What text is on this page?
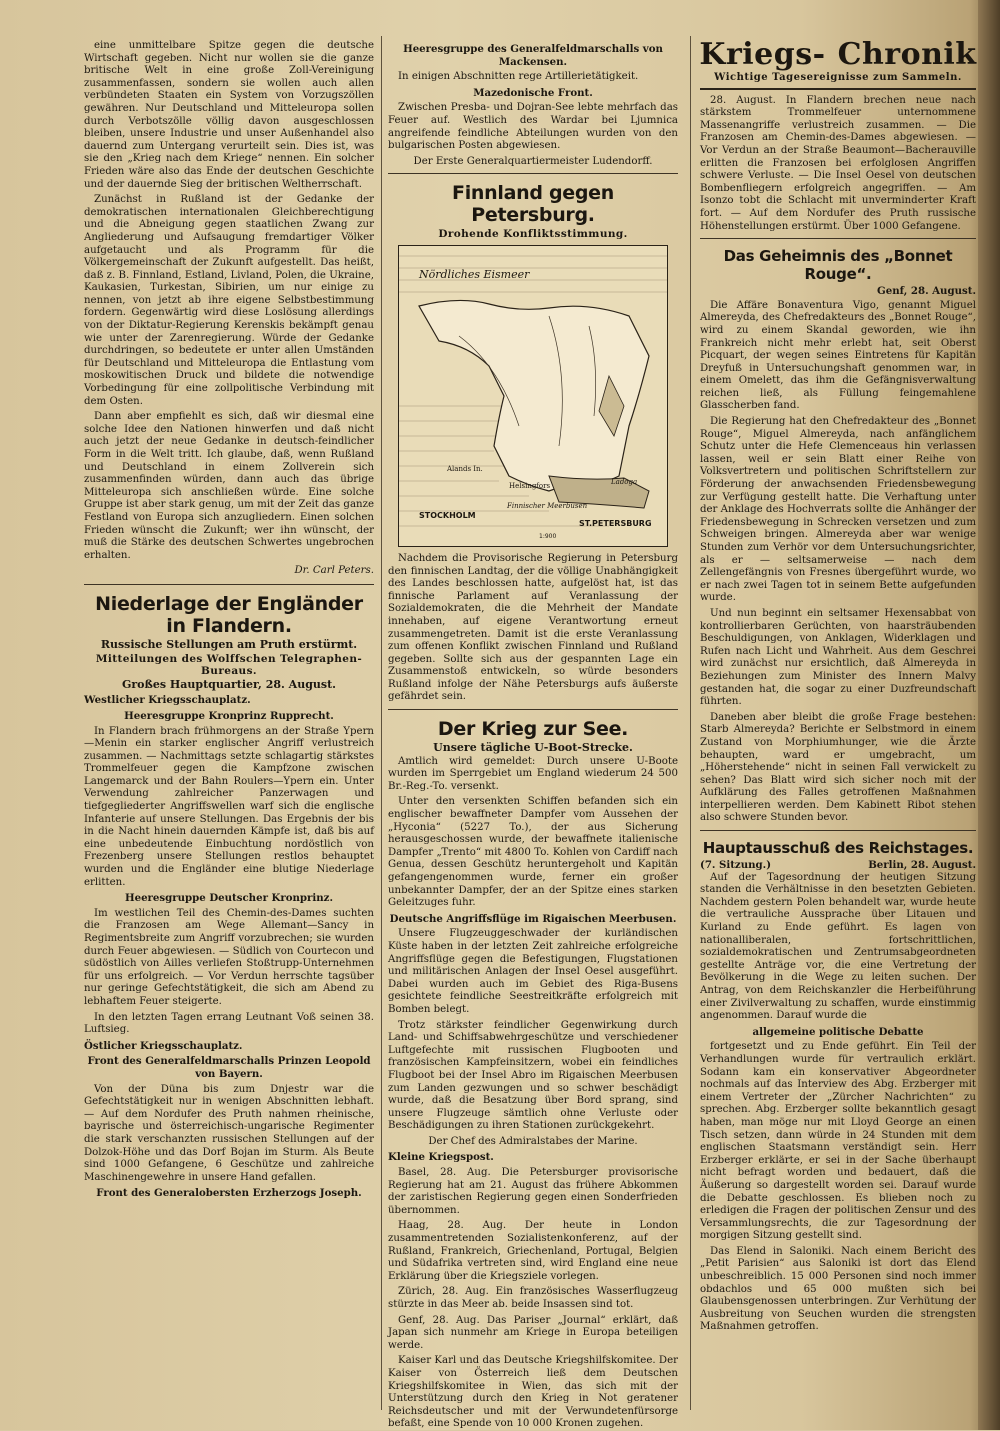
eine unmittelbare Spitze gegen die deutsche Wirtschaft gegeben. Nicht nur wollen sie die ganze britische Welt in eine große Zoll-Vereinigung zusammenfassen, sondern sie wollen auch allen verbündeten Staaten ein System von Vorzugszöllen gewähren. Nur Deutschland und Mitteleuropa sollen durch Verbotszölle völlig davon ausgeschlossen bleiben, unsere Industrie und unser Außenhandel also dauernd zum Untergang verurteilt sein. Dies ist, was sie den „Krieg nach dem Kriege“ nennen. Ein solcher Frieden wäre also das Ende der deutschen Geschichte und der dauernde Sieg der britischen Weltherrschaft.

Zunächst in Rußland ist der Gedanke der demokratischen internationalen Gleichberechtigung und die Abneigung gegen staatlichen Zwang zur Angliederung und Aufsaugung fremdartiger Völker aufgetaucht und als Programm für die Völkergemeinschaft der Zukunft aufgestellt. Das heißt, daß z. B. Finnland, Estland, Livland, Polen, die Ukraine, Kaukasien, Turkestan, Sibirien, um nur einige zu nennen, von jetzt ab ihre eigene Selbstbestimmung fordern. Gegenwärtig wird diese Loslösung allerdings von der Diktatur-Regierung Kerenskis bekämpft genau wie unter der Zarenregierung. Würde der Gedanke durchdringen, so bedeutete er unter allen Umständen für Deutschland und Mitteleuropa die Entlastung vom moskowitischen Druck und bildete die notwendige Vorbedingung für eine zollpolitische Verbindung mit dem Osten.

Dann aber empfiehlt es sich, daß wir diesmal eine solche Idee den Nationen hinwerfen und daß nicht auch jetzt der neue Gedanke in deutsch-feindlicher Form in die Welt tritt. Ich glaube, daß, wenn Rußland und Deutschland in einem Zollverein sich zusammenfinden würden, dann auch das übrige Mitteleuropa sich anschließen würde. Eine solche Gruppe ist aber stark genug, um mit der Zeit das ganze Festland von Europa sich anzugliedern. Einen solchen Frieden wünscht die Zukunft; wer ihn wünscht, der muß die Stärke des deutschen Schwertes ungebrochen erhalten.

Dr. Carl Peters.
Niederlage der Engländer in Flandern.
Russische Stellungen am Pruth erstürmt.
Mitteilungen des Wolffschen Telegraphen-Bureaus.
Großes Hauptquartier, 28. August.
Westlicher Kriegsschauplatz.
Heeresgruppe Kronprinz Rupprecht.

In Flandern brach frühmorgens an der Straße Ypern—Menin ein starker englischer Angriff verlustreich zusammen. — Nachmittags setzte schlagartig stärkstes Trommelfeuer gegen die Kampfzone zwischen Langemarck und der Bahn Roulers—Ypern ein. Unter Verwendung zahlreicher Panzerwagen und tiefgegliederter Angriffswellen warf sich die englische Infanterie auf unsere Stellungen. Das Ergebnis der bis in die Nacht hinein dauernden Kämpfe ist, daß bis auf eine unbedeutende Einbuchtung nordöstlich von Frezenberg unsere Stellungen restlos behauptet wurden und die Engländer eine blutige Niederlage erlitten.

Heeresgruppe Deutscher Kronprinz.

Im westlichen Teil des Chemin-des-Dames suchten die Franzosen am Wege Allemant—Sancy in Regimentsbreite zum Angriff vorzubrechen; sie wurden durch Feuer abgewiesen. — Südlich von Courtecon und südöstlich von Ailles verliefen Stoßtrupp-Unternehmen für uns erfolgreich. — Vor Verdun herrschte tagsüber nur geringe Gefechtstätigkeit, die sich am Abend zu lebhaftem Feuer steigerte.

In den letzten Tagen errang Leutnant Voß seinen 38. Luftsieg.

Östlicher Kriegsschauplatz.
Front des Generalfeldmarschalls Prinzen Leopold von Bayern.

Von der Düna bis zum Dnjestr war die Gefechtstätigkeit nur in wenigen Abschnitten lebhaft. — Auf dem Nordufer des Pruth nahmen rheinische, bayrische und österreichisch-ungarische Regimenter die stark verschanzten russischen Stellungen auf der Dolzok-Höhe und das Dorf Bojan im Sturm. Als Beute sind 1000 Gefangene, 6 Geschütze und zahlreiche Maschinengewehre in unsere Hand gefallen.

Front des Generalobersten Erzherzogs Joseph.
Heeresgruppe des Generalfeldmarschalls von Mackensen.

In einigen Abschnitten rege Artillerietätigkeit.

Mazedonische Front.

Zwischen Presba- und Dojran-See lebte mehrfach das Feuer auf. Westlich des Wardar bei Ljumnica angreifende feindliche Abteilungen wurden von den bulgarischen Posten abgewiesen.

Der Erste Generalquartiermeister Ludendorff.
Finnland gegen Petersburg.
Drohende Konfliktsstimmung.
Nördliches Eismeer
STOCKHOLM
ST.PETERSBURG
Ladoga
Alands In.
Helsingfors
Finnischer Meerbusen
1:900

Nachdem die Provisorische Regierung in Petersburg den finnischen Landtag, der die völlige Unabhängigkeit des Landes beschlossen hatte, aufgelöst hat, ist das finnische Parlament auf Veranlassung der Sozialdemokraten, die die Mehrheit der Mandate innehaben, auf eigene Verantwortung erneut zusammengetreten. Damit ist die erste Veranlassung zum offenen Konflikt zwischen Finnland und Rußland gegeben. Sollte sich aus der gespannten Lage ein Zusammenstoß entwickeln, so würde besonders Rußland infolge der Nähe Petersburgs aufs äußerste gefährdet sein.

Der Krieg zur See.
Unsere tägliche U-Boot-Strecke.

Amtlich wird gemeldet: Durch unsere U-Boote wurden im Sperrgebiet um England wiederum 24 500 Br.-Reg.-To. versenkt.

Unter den versenkten Schiffen befanden sich ein englischer bewaffneter Dampfer vom Aussehen der „Hyconia“ (5227 To.), der aus Sicherung herausgeschossen wurde, der bewaffnete italienische Dampfer „Trento“ mit 4800 To. Kohlen von Cardiff nach Genua, dessen Geschütz heruntergeholt und Kapitän gefangengenommen wurde, ferner ein großer unbekannter Dampfer, der an der Spitze eines starken Geleitzuges fuhr.

Deutsche Angriffsflüge im Rigaischen Meerbusen.

Unsere Flugzeuggeschwader der kurländischen Küste haben in der letzten Zeit zahlreiche erfolgreiche Angriffsflüge gegen die Befestigungen, Flugstationen und militärischen Anlagen der Insel Oesel ausgeführt. Dabei wurden auch im Gebiet des Riga-Busens gesichtete feindliche Seestreitkräfte erfolgreich mit Bomben belegt.

Trotz stärkster feindlicher Gegenwirkung durch Land- und Schiffsabwehrgeschütze und verschiedener Luftgefechte mit russischen Flugbooten und französischen Kampfeinsitzern, wobei ein feindliches Flugboot bei der Insel Abro im Rigaischen Meerbusen zum Landen gezwungen und so schwer beschädigt wurde, daß die Besatzung über Bord sprang, sind unsere Flugzeuge sämtlich ohne Verluste oder Beschädigungen zu ihren Stationen zurückgekehrt.

Der Chef des Admiralstabes der Marine.
Kleine Kriegspost.

Basel, 28. Aug. Die Petersburger provisorische Regierung hat am 21. August das frühere Abkommen der zaristischen Regierung gegen einen Sonderfrieden übernommen.

Haag, 28. Aug. Der heute in London zusammentretenden Sozialistenkonferenz, auf der Rußland, Frankreich, Griechenland, Portugal, Belgien und Südafrika vertreten sind, wird England eine neue Erklärung über die Kriegsziele vorlegen.

Zürich, 28. Aug. Ein französisches Wasserflugzeug stürzte in das Meer ab. beide Insassen sind tot.

Genf, 28. Aug. Das Pariser „Journal“ erklärt, daß Japan sich nunmehr am Kriege in Europa beteiligen werde.

Kaiser Karl und das Deutsche Kriegshilfskomitee. Der Kaiser von Österreich ließ dem Deutschen Kriegshilfskomitee in Wien, das sich mit der Unterstützung durch den Krieg in Not geratener Reichsdeutscher und mit der Verwundetenfürsorge befaßt, eine Spende von 10 000 Kronen zugehen.

Kriegs- Chronik
Wichtige Tagesereignisse zum Sammeln.

28. August. In Flandern brechen neue nach stärkstem Trommelfeuer unternommene Massenangriffe verlustreich zusammen. — Die Franzosen am Chemin-des-Dames abgewiesen. — Vor Verdun an der Straße Beaumont—Bacherauville erlitten die Franzosen bei erfolglosen Angriffen schwere Verluste. — Die Insel Oesel von deutschen Bombenfliegern erfolgreich angegriffen. — Am Isonzo tobt die Schlacht mit unverminderter Kraft fort. — Auf dem Nordufer des Pruth russische Höhenstellungen erstürmt. Über 1000 Gefangene.

Das Geheimnis des „Bonnet Rouge“.
Genf, 28. August.

Die Affäre Bonaventura Vigo, genannt Miguel Almereyda, des Chefredakteurs des „Bonnet Rouge“, wird zu einem Skandal geworden, wie ihn Frankreich nicht mehr erlebt hat, seit Oberst Picquart, der wegen seines Eintretens für Kapitän Dreyfuß in Untersuchungshaft genommen war, in einem Omelett, das ihm die Gefängnisverwaltung reichen ließ, als Füllung feingemahlene Glasscherben fand.

Die Regierung hat den Chefredakteur des „Bonnet Rouge“, Miguel Almereyda, nach anfänglichem Schutz unter die Hefe Clemenceaus hin verlassen lassen, weil er sein Blatt einer Reihe von Volksvertretern und politischen Schriftstellern zur Förderung der anwachsenden Friedensbewegung zur Verfügung gestellt hatte. Die Verhaftung unter der Anklage des Hochverrats sollte die Anhänger der Friedensbewegung in Schrecken versetzen und zum Schweigen bringen. Almereyda aber war wenige Stunden zum Verhör vor dem Untersuchungsrichter, als er — seltsamerweise — nach dem Zellengefängnis von Fresnes übergeführt wurde, wo er nach zwei Tagen tot in seinem Bette aufgefunden wurde.

Und nun beginnt ein seltsamer Hexensabbat von kontrollierbaren Gerüchten, von haarsträubenden Beschuldigungen, von Anklagen, Widerklagen und Rufen nach Licht und Wahrheit. Aus dem Geschrei wird zunächst nur ersichtlich, daß Almereyda in Beziehungen zum Minister des Innern Malvy gestanden hat, die sogar zu einer Duzfreundschaft führten.

Daneben aber bleibt die große Frage bestehen: Starb Almereyda? Berichte er Selbstmord in einem Zustand von Morphiumhunger, wie die Ärzte behaupten, ward er umgebracht, um „Höherstehende“ nicht in seinen Fall verwickelt zu sehen? Das Blatt wird sich sicher noch mit der Aufklärung des Falles getroffenen Maßnahmen interpellieren werden. Dem Kabinett Ribot stehen also schwere Stunden bevor.

Hauptausschuß des Reichstages.
(7. Sitzung.)	Berlin, 28. August.

Auf der Tagesordnung der heutigen Sitzung standen die Verhältnisse in den besetzten Gebieten. Nachdem gestern Polen behandelt war, wurde heute die vertrauliche Aussprache über Litauen und Kurland zu Ende geführt. Es lagen von nationalliberalen, fortschrittlichen, sozialdemokratischen und Zentrumsabgeordneten gestellte Anträge vor, die eine Vertretung der Bevölkerung in die Wege zu leiten suchen. Der Antrag, von dem Reichskanzler die Herbeiführung einer Zivilverwaltung zu schaffen, wurde einstimmig angenommen. Darauf wurde die

allgemeine politische Debatte

fortgesetzt und zu Ende geführt. Ein Teil der Verhandlungen wurde für vertraulich erklärt. Sodann kam ein konservativer Abgeordneter nochmals auf das Interview des Abg. Erzberger mit einem Vertreter der „Zürcher Nachrichten“ zu sprechen. Abg. Erzberger sollte bekanntlich gesagt haben, man möge nur mit Lloyd George an einen Tisch setzen, dann würde in 24 Stunden mit dem englischen Staatsmann verständigt sein. Herr Erzberger erklärte, er sei in der Sache überhaupt nicht befragt worden und bedauert, daß die Äußerung so dargestellt worden sei. Darauf wurde die Debatte geschlossen. Es blieben noch zu erledigen die Fragen der politischen Zensur und des Versammlungsrechts, die zur Tagesordnung der morgigen Sitzung gestellt sind.

Das Elend in Saloniki. Nach einem Bericht des „Petit Parisien“ aus Saloniki ist dort das Elend unbeschreiblich. 15 000 Personen sind noch immer obdachlos und 65 000 mußten sich bei Glaubensgenossen unterbringen. Zur Verhütung der Ausbreitung von Seuchen wurden die strengsten Maßnahmen getroffen.
